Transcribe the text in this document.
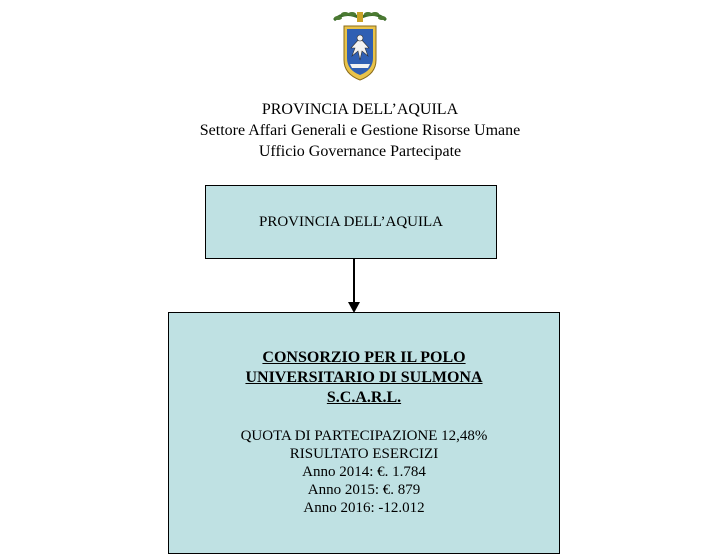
PROVINCIA DELL’AQUILA
Settore Affari Generali e Gestione Risorse Umane
Ufficio Governance Partecipate
PROVINCIA DELL’AQUILA
CONSORZIO PER IL POLO
UNIVERSITARIO DI SULMONA
S.C.A.R.L.
QUOTA DI PARTECIPAZIONE 12,48%
RISULTATO ESERCIZI
Anno 2014: €. 1.784
Anno 2015: €. 879
Anno 2016: -12.012
